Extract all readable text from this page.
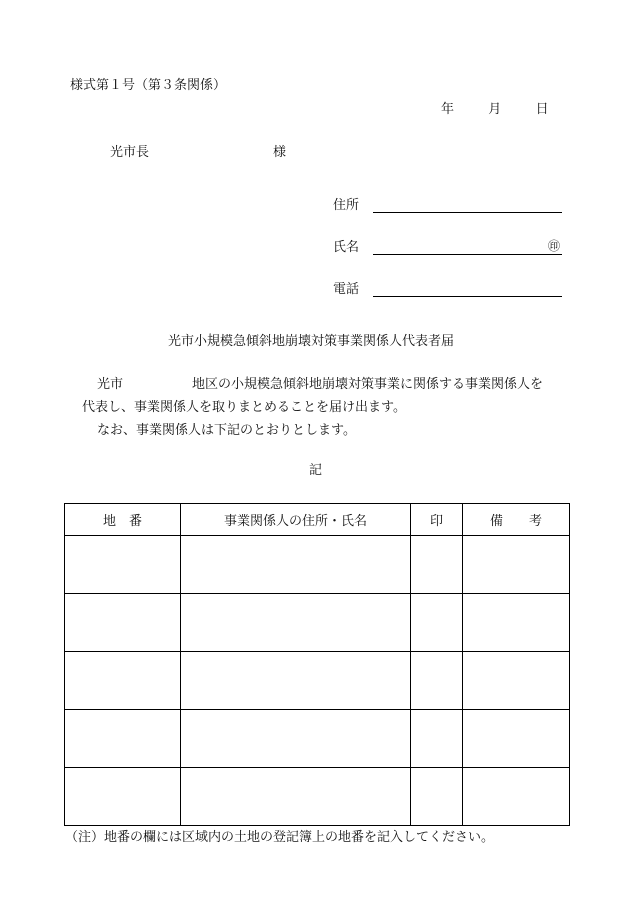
様式第１号（第３条関係）
年	月	日
光市長	様
住所
氏名	㊞
電話
光市小規模急傾斜地崩壊対策事業関係人代表者届
光市	地区の小規模急傾斜地崩壊対策事業に関係する事業関係人を
代表し、事業関係人を取りまとめることを届け出ます。
なお、事業関係人は下記のとおりとします。
記
地　番	事業関係人の住所・氏名	印	備　　考

（注）地番の欄には区域内の土地の登記簿上の地番を記入してください。
